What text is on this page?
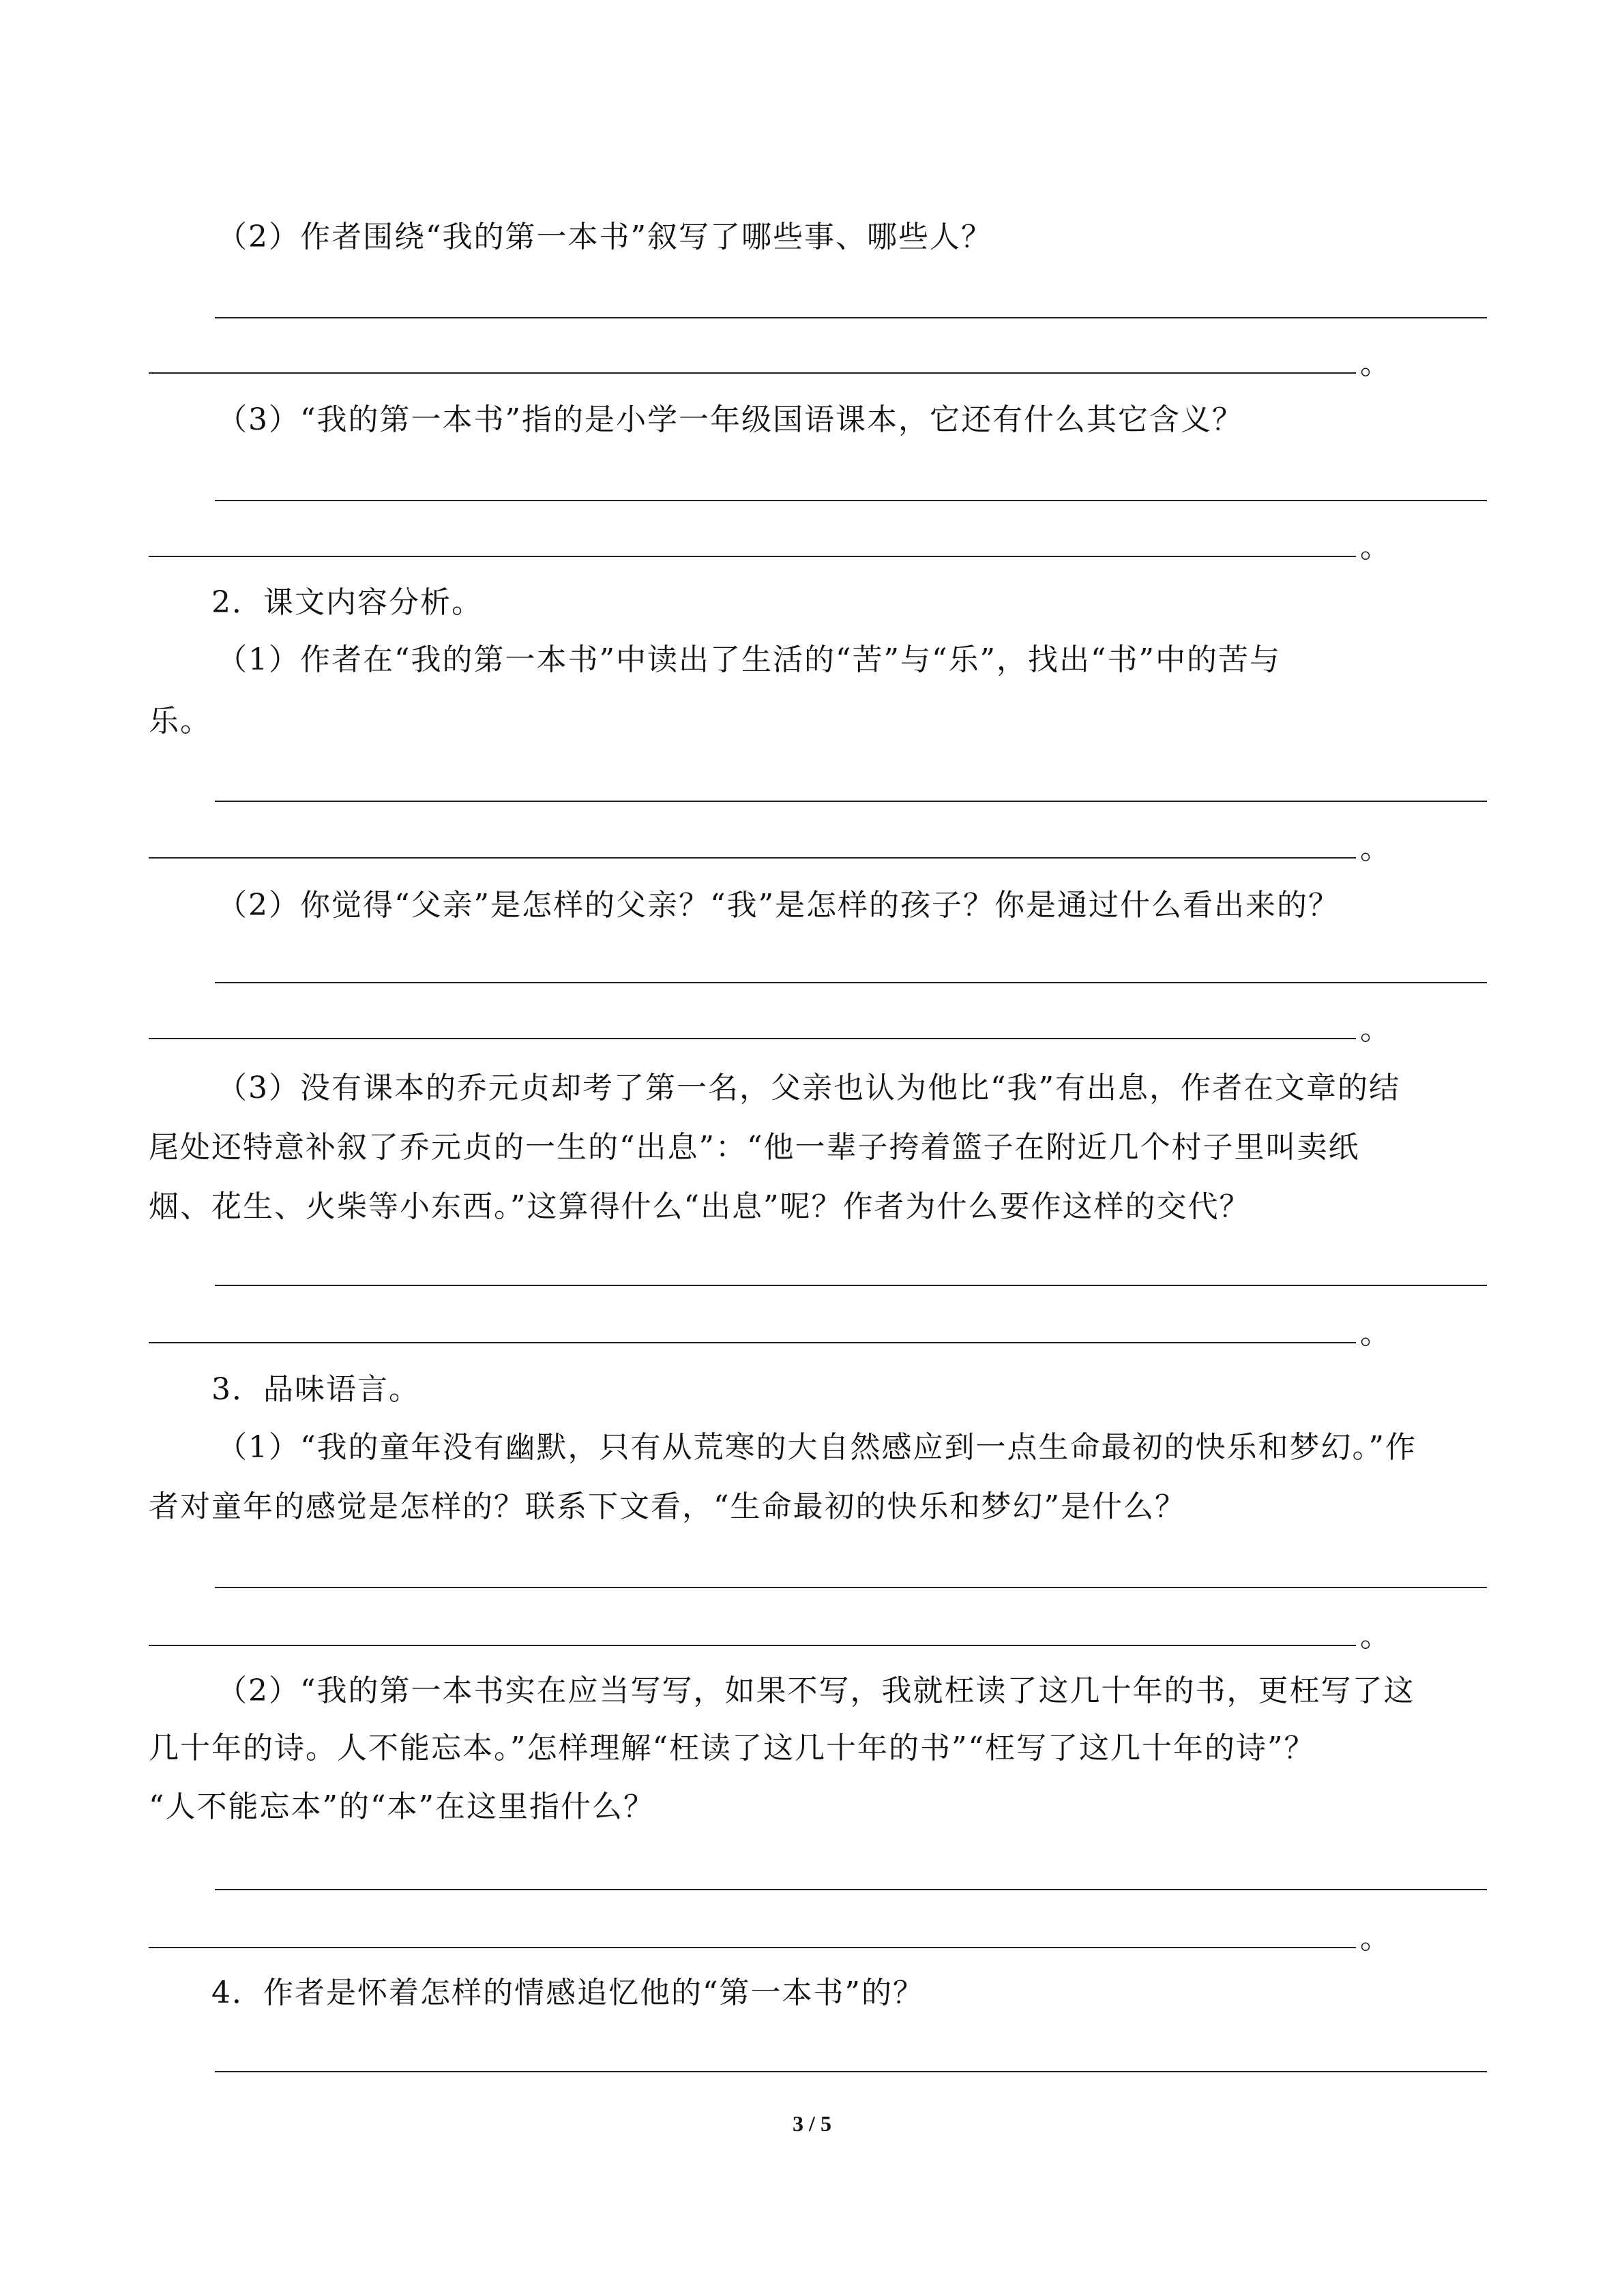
（2）作者围绕“我的第一本书”叙写了哪些事、哪些人？
。
（3）“我的第一本书”指的是小学一年级国语课本，它还有什么其它含义？
。
2．课文内容分析。
（1）作者在“我的第一本书”中读出了生活的“苦”与“乐”，找出“书”中的苦与
乐。
。
（2）你觉得“父亲”是怎样的父亲？“我”是怎样的孩子？你是通过什么看出来的？
。
（3）没有课本的乔元贞却考了第一名，父亲也认为他比“我”有出息，作者在文章的结
尾处还特意补叙了乔元贞的一生的“出息”：“他一辈子挎着篮子在附近几个村子里叫卖纸
烟、花生、火柴等小东西。”这算得什么“出息”呢？作者为什么要作这样的交代？
。
3．品味语言。
（1）“我的童年没有幽默，只有从荒寒的大自然感应到一点生命最初的快乐和梦幻。”作
者对童年的感觉是怎样的？联系下文看，“生命最初的快乐和梦幻”是什么？
。
（2）“我的第一本书实在应当写写，如果不写，我就枉读了这几十年的书，更枉写了这
几十年的诗。人不能忘本。”怎样理解“枉读了这几十年的书”“枉写了这几十年的诗”？
“人不能忘本”的“本”在这里指什么？
。
4．作者是怀着怎样的情感追忆他的“第一本书”的？
3 / 5
